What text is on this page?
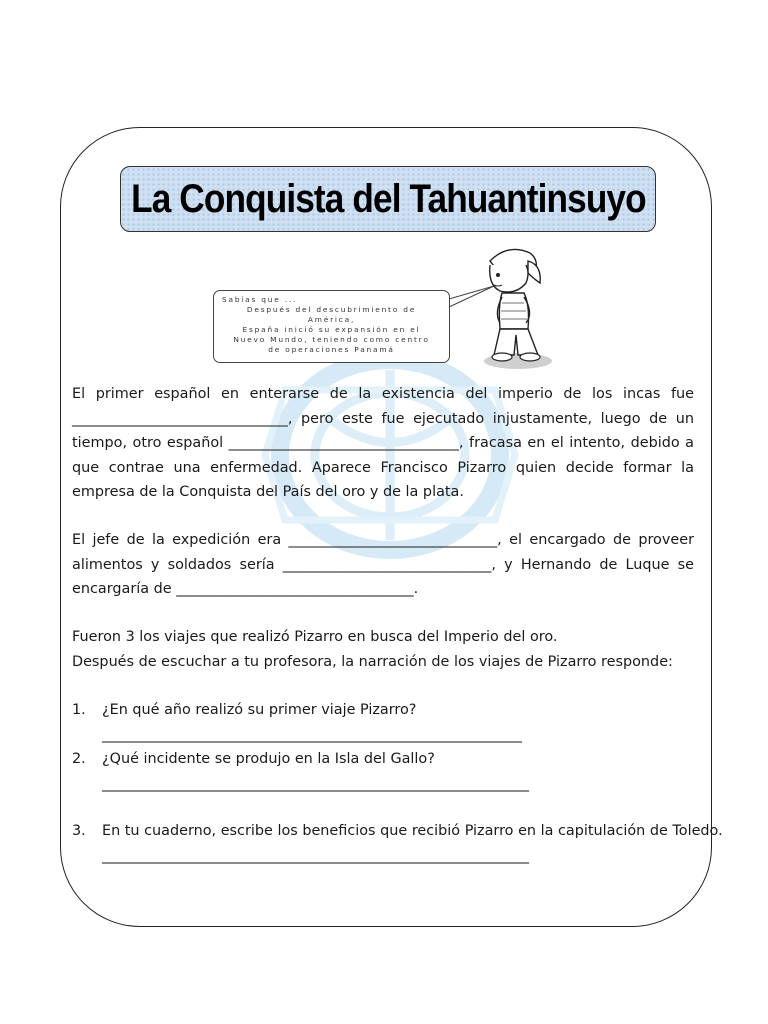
La Conquista del Tahuantinsuyo
Sabías que ...
Después del descubrimiento de América,
España inició su expansión en el
Nuevo Mundo, teniendo como centro
de operaciones Panamá

El primer español en enterarse de la existencia del imperio de los incas fue ______________________________, pero este fue ejecutado injustamente, luego de un tiempo, otro español ________________________________, fracasa en el intento, debido a que contrae una enfermedad. Aparece Francisco Pizarro quien decide formar la empresa de la Conquista del País del oro y de la plata.

El jefe de la expedición era _____________________________, el encargado de proveer alimentos y soldados sería _____________________________, y Hernando de Luque se encargaría de _________________________________.

Fueron 3 los viajes que realizó Pizarro en busca del Imperio del oro.

Después de escuchar a tu profesora, la narración de los viajes de Pizarro responde:

1. ¿En qué año realizó su primer viaje Pizarro?

____________________________________________________________

2. ¿Qué incidente se produjo en la Isla del Gallo?

_____________________________________________________________

3. En tu cuaderno, escribe los beneficios que recibió Pizarro en la capitulación de Toledo.

_____________________________________________________________
